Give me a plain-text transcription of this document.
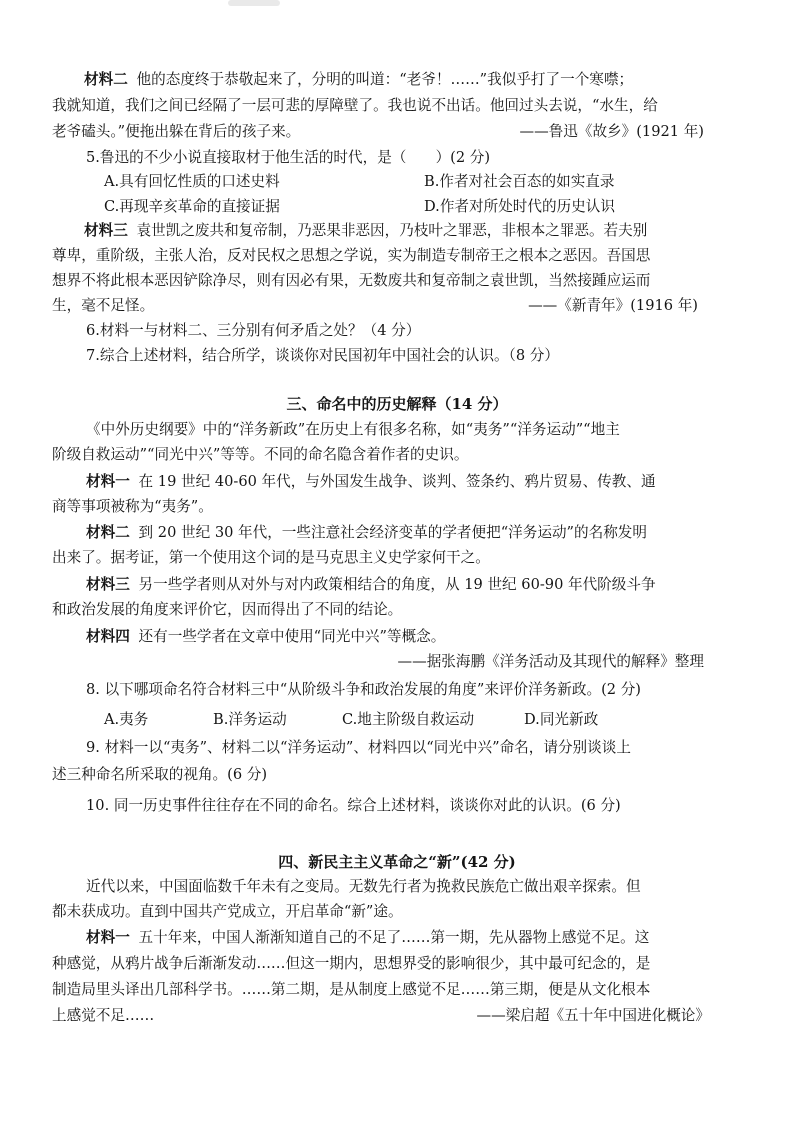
材料二 他的态度终于恭敬起来了，分明的叫道：“老爷！……”我似乎打了一个寒噤；
我就知道，我们之间已经隔了一层可悲的厚障壁了。我也说不出话。他回过头去说，“水生，给
老爷磕头。”便拖出躲在背后的孩子来。	——鲁迅《故乡》(1921 年)
5.鲁迅的不少小说直接取材于他生活的时代，是（　　）(2 分)
A.具有回忆性质的口述史料	B.作者对社会百态的如实直录
C.再现辛亥革命的直接证据	D.作者对所处时代的历史认识
材料三 袁世凯之废共和复帝制，乃恶果非恶因，乃枝叶之罪恶，非根本之罪恶。若夫别
尊卑，重阶级，主张人治，反对民权之思想之学说，实为制造专制帝王之根本之恶因。吾国思
想界不将此根本恶因铲除净尽，则有因必有果，无数废共和复帝制之袁世凯，当然接踵应运而
生，毫不足怪。	——《新青年》(1916 年)
6.材料一与材料二、三分别有何矛盾之处？（4 分）
7.综合上述材料，结合所学，谈谈你对民国初年中国社会的认识。（8 分）
三、命名中的历史解释（14 分）
《中外历史纲要》中的“洋务新政”在历史上有很多名称，如“夷务”“洋务运动”“地主
阶级自救运动”“同光中兴”等等。不同的命名隐含着作者的史识。
材料一 在 19 世纪 40-60 年代，与外国发生战争、谈判、签条约、鸦片贸易、传教、通
商等事项被称为“夷务”。
材料二 到 20 世纪 30 年代，一些注意社会经济变革的学者便把“洋务运动”的名称发明
出来了。据考证，第一个使用这个词的是马克思主义史学家何干之。
材料三 另一些学者则从对外与对内政策相结合的角度，从 19 世纪 60-90 年代阶级斗争
和政治发展的角度来评价它，因而得出了不同的结论。
材料四 还有一些学者在文章中使用“同光中兴”等概念。
——据张海鹏《洋务活动及其现代的解释》整理
8. 以下哪项命名符合材料三中“从阶级斗争和政治发展的角度”来评价洋务新政。(2 分)
A.夷务	B.洋务运动	C.地主阶级自救运动	D.同光新政
9. 材料一以“夷务”、材料二以“洋务运动”、材料四以“同光中兴”命名，请分别谈谈上
述三种命名所采取的视角。(6 分)
10. 同一历史事件往往存在不同的命名。综合上述材料，谈谈你对此的认识。(6 分)
四、新民主主义革命之“新”(42 分)
近代以来，中国面临数千年未有之变局。无数先行者为挽救民族危亡做出艰辛探索。但
都未获成功。直到中国共产党成立，开启革命“新”途。
材料一 五十年来，中国人渐渐知道自己的不足了……第一期，先从器物上感觉不足。这
种感觉，从鸦片战争后渐渐发动……但这一期内，思想界受的影响很少，其中最可纪念的，是
制造局里头译出几部科学书。……第二期，是从制度上感觉不足……第三期，便是从文化根本
上感觉不足……	——梁启超《五十年中国进化概论》
